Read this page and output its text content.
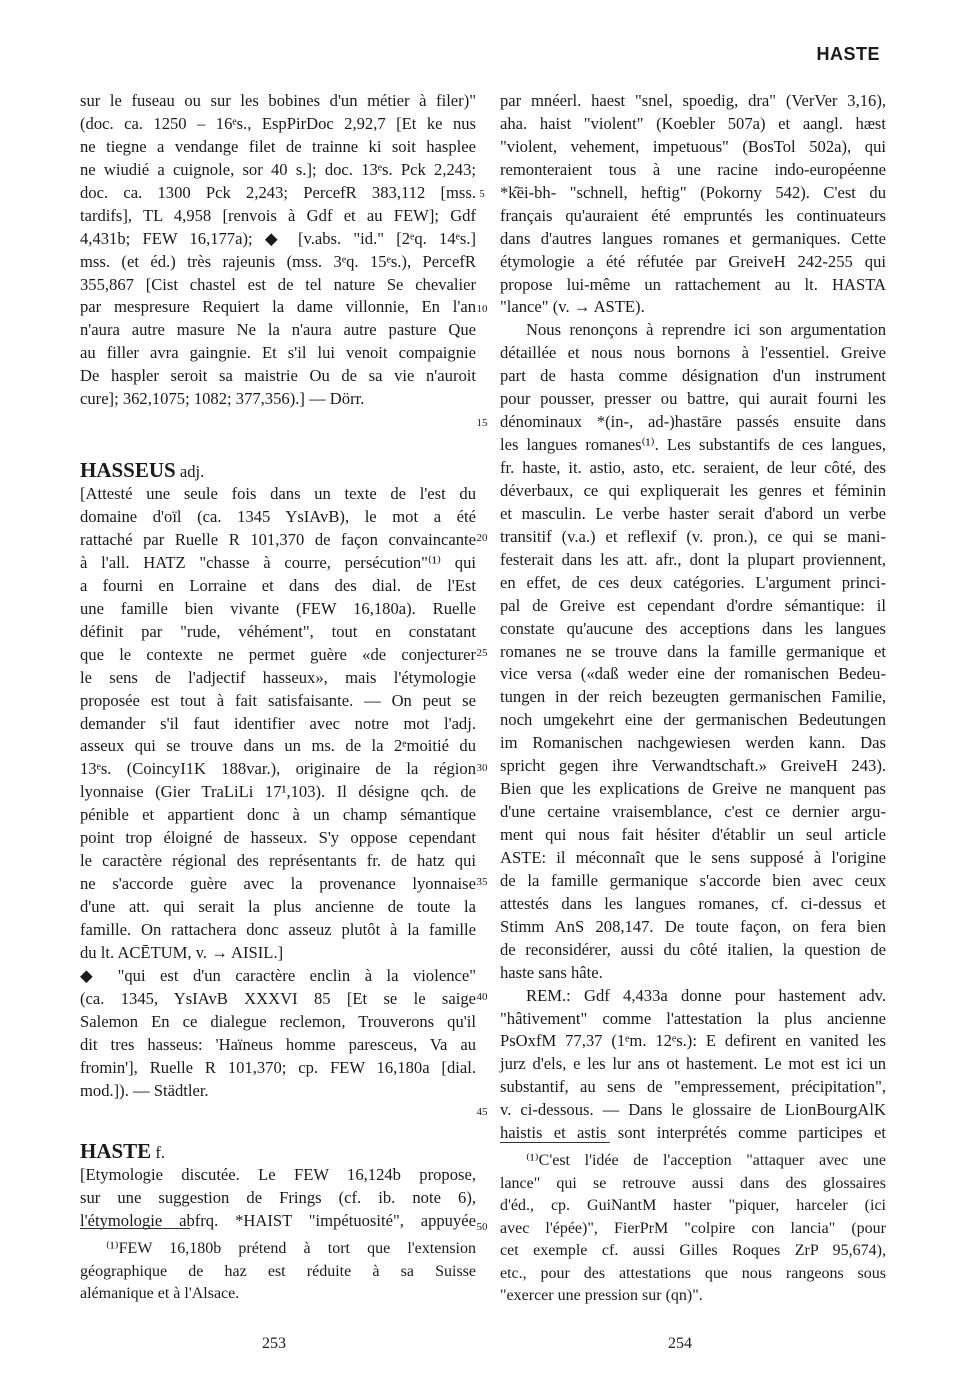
HASTE
sur le fuseau ou sur les bobines d'un métier à filer)"
(doc. ca. 1250 – 16ᵉs., EspPirDoc 2,92,7 [Et ke nus
ne tiegne a vendange filet de trainne ki soit hasplee
ne wiudié a cuignole, sor 40 s.]; doc. 13ᵉs. Pck 2,243;
doc. ca. 1300 Pck 2,243; PercefR 383,112 [mss.
tardifs], TL 4,958 [renvois à Gdf et au FEW]; Gdf
4,431b; FEW 16,177a); ◆ [v.abs. "id." [2ᵉq. 14ᵉs.]
mss. (et éd.) très rajeunis (mss. 3ᵉq. 15ᵉs.), PercefR
355,867 [Cist chastel est de tel nature Se chevalier
par mespresure Requiert la dame villonnie, En l'an
n'aura autre masure Ne la n'aura autre pasture Que
au filler avra gaingnie. Et s'il lui venoit compaignie
De haspler seroit sa maistrie Ou de sa vie n'auroit
cure]; 362,1075; 1082; 377,356).] — Dörr.
HASSEUS adj.
[Attesté une seule fois dans un texte de l'est du
domaine d'oïl (ca. 1345 YsIAvB), le mot a été
rattaché par Ruelle R 101,370 de façon convaincante
à l'all. HATZ "chasse à courre, persécution"⁽¹⁾ qui
a fourni en Lorraine et dans des dial. de l'Est
une famille bien vivante (FEW 16,180a). Ruelle
définit par "rude, véhément", tout en constatant
que le contexte ne permet guère «de conjecturer
le sens de l'adjectif hasseux», mais l'étymologie
proposée est tout à fait satisfaisante. — On peut se
demander s'il faut identifier avec notre mot l'adj.
asseux qui se trouve dans un ms. de la 2ᵉmoitié du
13ᵉs. (CoincyI1K 188var.), originaire de la région
lyonnaise (Gier TraLiLi 17¹,103). Il désigne qch. de
pénible et appartient donc à un champ sémantique
point trop éloigné de hasseux. S'y oppose cependant
le caractère régional des représentants fr. de hatz qui
ne s'accorde guère avec la provenance lyonnaise
d'une att. qui serait la plus ancienne de toute la
famille. On rattachera donc asseuz plutôt à la famille
du lt. ACĒTUM, v. → AISIL.]
◆ "qui est d'un caractère enclin à la violence"
(ca. 1345, YsIAvB XXXVI 85 [Et se le saige
Salemon En ce dialegue reclemon, Trouverons qu'il
dit tres hasseus: 'Haïneus homme paresceus, Va au
fromin'], Ruelle R 101,370; cp. FEW 16,180a [dial.
mod.]). — Städtler.
HASTE f.
[Etymologie discutée. Le FEW 16,124b propose,
sur une suggestion de Frings (cf. ib. note 6),
l'étymologie abfrq. *HAIST "impétuosité", appuyée
5
10
15
20
25
30
35
40
45
50
par mnéerl. haest "snel, spoedig, dra" (VerVer 3,16),
aha. haist "violent" (Koebler 507a) et aangl. hæst
"violent, vehement, impetuous" (BosTol 502a), qui
remonteraient tous à une racine indo-européenne
*k̑ēi-bh- "schnell, heftig" (Pokorny 542). C'est du
français qu'auraient été empruntés les continuateurs
dans d'autres langues romanes et germaniques. Cette
étymologie a été réfutée par GreiveH 242-255 qui
propose lui-même un rattachement au lt. HASTA
"lance" (v. → ASTE).
Nous renonçons à reprendre ici son argumentation
détaillée et nous nous bornons à l'essentiel. Greive
part de hasta comme désignation d'un instrument
pour pousser, presser ou battre, qui aurait fourni les
dénominaux *(in-, ad-)hastāre passés ensuite dans
les langues romanes⁽¹⁾. Les substantifs de ces langues,
fr. haste, it. astio, asto, etc. seraient, de leur côté, des
déverbaux, ce qui expliquerait les genres et féminin
et masculin. Le verbe haster serait d'abord un verbe
transitif (v.a.) et reflexif (v. pron.), ce qui se mani-
festerait dans les att. afr., dont la plupart proviennent,
en effet, de ces deux catégories. L'argument princi-
pal de Greive est cependant d'ordre sémantique: il
constate qu'aucune des acceptions dans les langues
romanes ne se trouve dans la famille germanique et
vice versa («daß weder eine der romanischen Bedeu-
tungen in der reich bezeugten germanischen Familie,
noch umgekehrt eine der germanischen Bedeutungen
im Romanischen nachgewiesen werden kann. Das
spricht gegen ihre Verwandtschaft.» GreiveH 243).
Bien que les explications de Greive ne manquent pas
d'une certaine vraisemblance, c'est ce dernier argu-
ment qui nous fait hésiter d'établir un seul article
ASTE: il méconnaît que le sens supposé à l'origine
de la famille germanique s'accorde bien avec ceux
attestés dans les langues romanes, cf. ci-dessus et
Stimm AnS 208,147. De toute façon, on fera bien
de reconsidérer, aussi du côté italien, la question de
haste sans hâte.
REM.: Gdf 4,433a donne pour hastement adv.
"hâtivement" comme l'attestation la plus ancienne
PsOxfM 77,37 (1ᵉm. 12ᵉs.): E defirent en vanited les
jurz d'els, e les lur ans ot hastement. Le mot est ici un
substantif, au sens de "empressement, précipitation",
v. ci-dessous. — Dans le glossaire de LionBourgAlK
haistis et astis sont interprétés comme participes et
⁽¹⁾FEW 16,180b prétend à tort que l'extension
géographique de haz est réduite à sa Suisse
alémanique et à l'Alsace.
⁽¹⁾C'est l'idée de l'acception "attaquer avec une
lance" qui se retrouve aussi dans des glossaires
d'éd., cp. GuiNantM haster "piquer, harceler (ici
avec l'épée)", FierPrM "colpire con lancia" (pour
cet exemple cf. aussi Gilles Roques ZrP 95,674),
etc., pour des attestations que nous rangeons sous
"exercer une pression sur (qn)".
253	254
